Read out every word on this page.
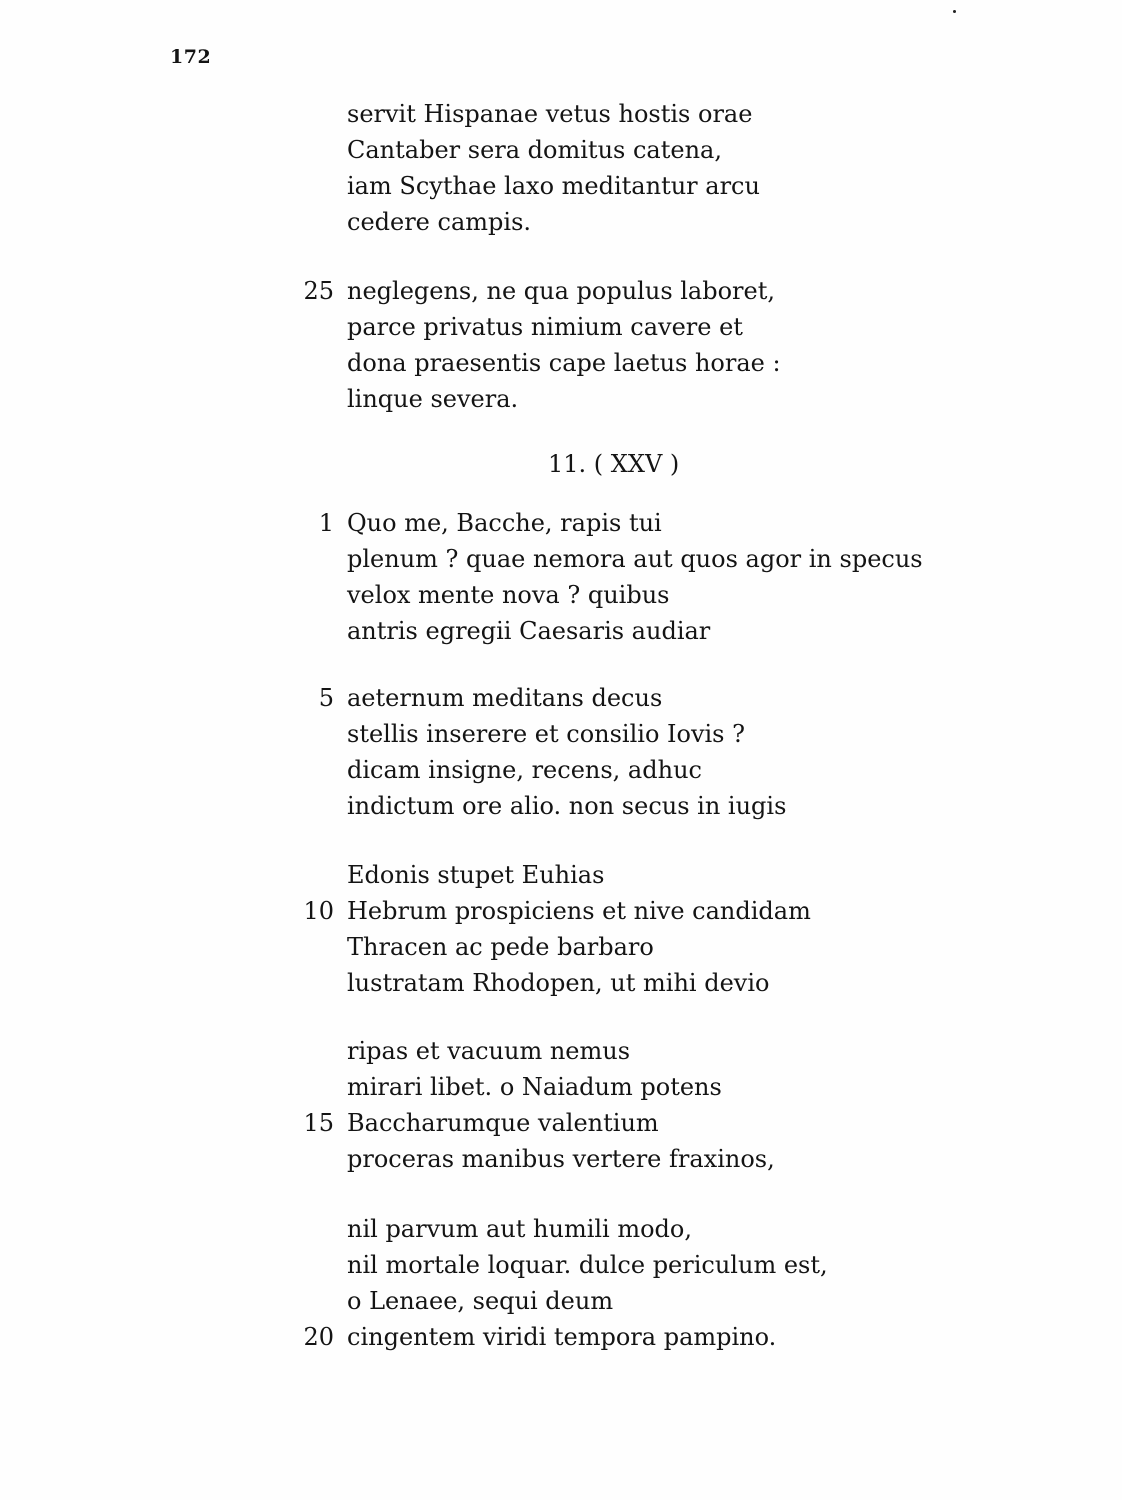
172
servit Hispanae vetus hostis orae
Cantaber sera domitus catena,
iam Scythae laxo meditantur arcu
cedere campis.
25 neglegens, ne qua populus laboret,
parce privatus nimium cavere et
dona praesentis cape laetus horae :
linque severa.
11. ( XXV )
1 Quo me, Bacche, rapis tui
plenum ? quae nemora aut quos agor in specus
velox mente nova ? quibus
antris egregii Caesaris audiar
5 aeternum meditans decus
stellis inserere et consilio Iovis ?
dicam insigne, recens, adhuc
indictum ore alio. non secus in iugis
Edonis stupet Euhias
10 Hebrum prospiciens et nive candidam
Thracen ac pede barbaro
lustratam Rhodopen, ut mihi devio
ripas et vacuum nemus
mirari libet. o Naiadum potens
15 Baccharumque valentium
proceras manibus vertere fraxinos,
nil parvum aut humili modo,
nil mortale loquar. dulce periculum est,
o Lenaee, sequi deum
20 cingentem viridi tempora pampino.
